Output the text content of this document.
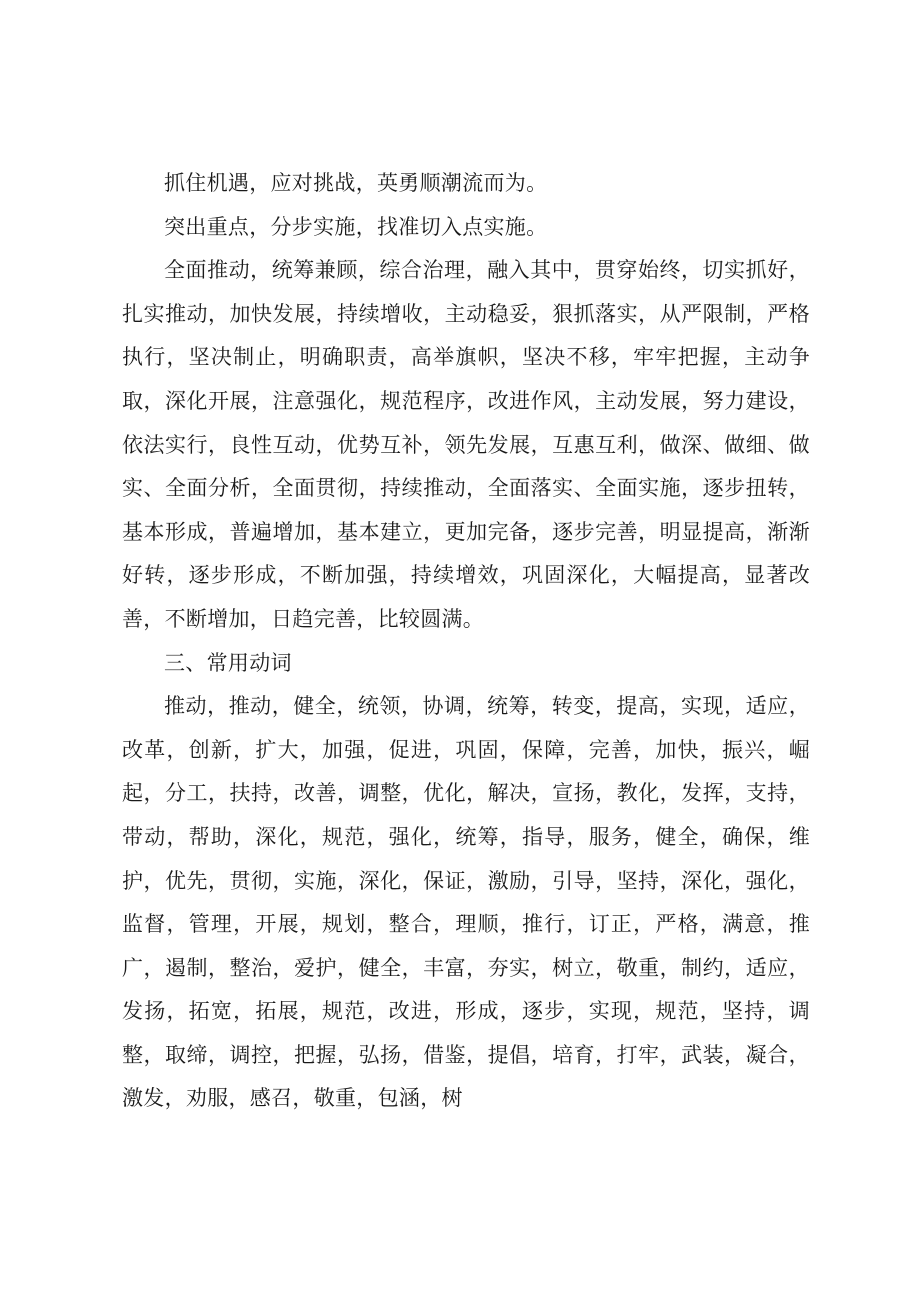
抓住机遇，应对挑战，英勇顺潮流而为。

突出重点，分步实施，找准切入点实施。

全面推动，统筹兼顾，综合治理，融入其中，贯穿始终，切实抓好，扎实推动，加快发展，持续增收，主动稳妥，狠抓落实，从严限制，严格执行，坚决制止，明确职责，高举旗帜，坚决不移，牢牢把握，主动争取，深化开展，注意强化，规范程序，改进作风，主动发展，努力建设，依法实行，良性互动，优势互补，领先发展，互惠互利，做深、做细、做实、全面分析，全面贯彻，持续推动，全面落实、全面实施，逐步扭转，基本形成，普遍增加，基本建立，更加完备，逐步完善，明显提高，渐渐好转，逐步形成，不断加强，持续增效，巩固深化，大幅提高，显著改善，不断增加，日趋完善，比较圆满。

三、常用动词

推动，推动，健全，统领，协调，统筹，转变，提高，实现，适应，改革，创新，扩大，加强，促进，巩固，保障，完善，加快，振兴，崛起，分工，扶持，改善，调整，优化，解决，宣扬，教化，发挥，支持，带动，帮助，深化，规范，强化，统筹，指导，服务，健全，确保，维护，优先，贯彻，实施，深化，保证，激励，引导，坚持，深化，强化，监督，管理，开展，规划，整合，理顺，推行，订正，严格，满意，推广，遏制，整治，爱护，健全，丰富，夯实，树立，敬重，制约，适应，发扬，拓宽，拓展，规范，改进，形成，逐步，实现，规范，坚持，调整，取缔，调控，把握，弘扬，借鉴，提倡，培育，打牢，武装，凝合，激发，劝服，感召，敬重，包涵，树
